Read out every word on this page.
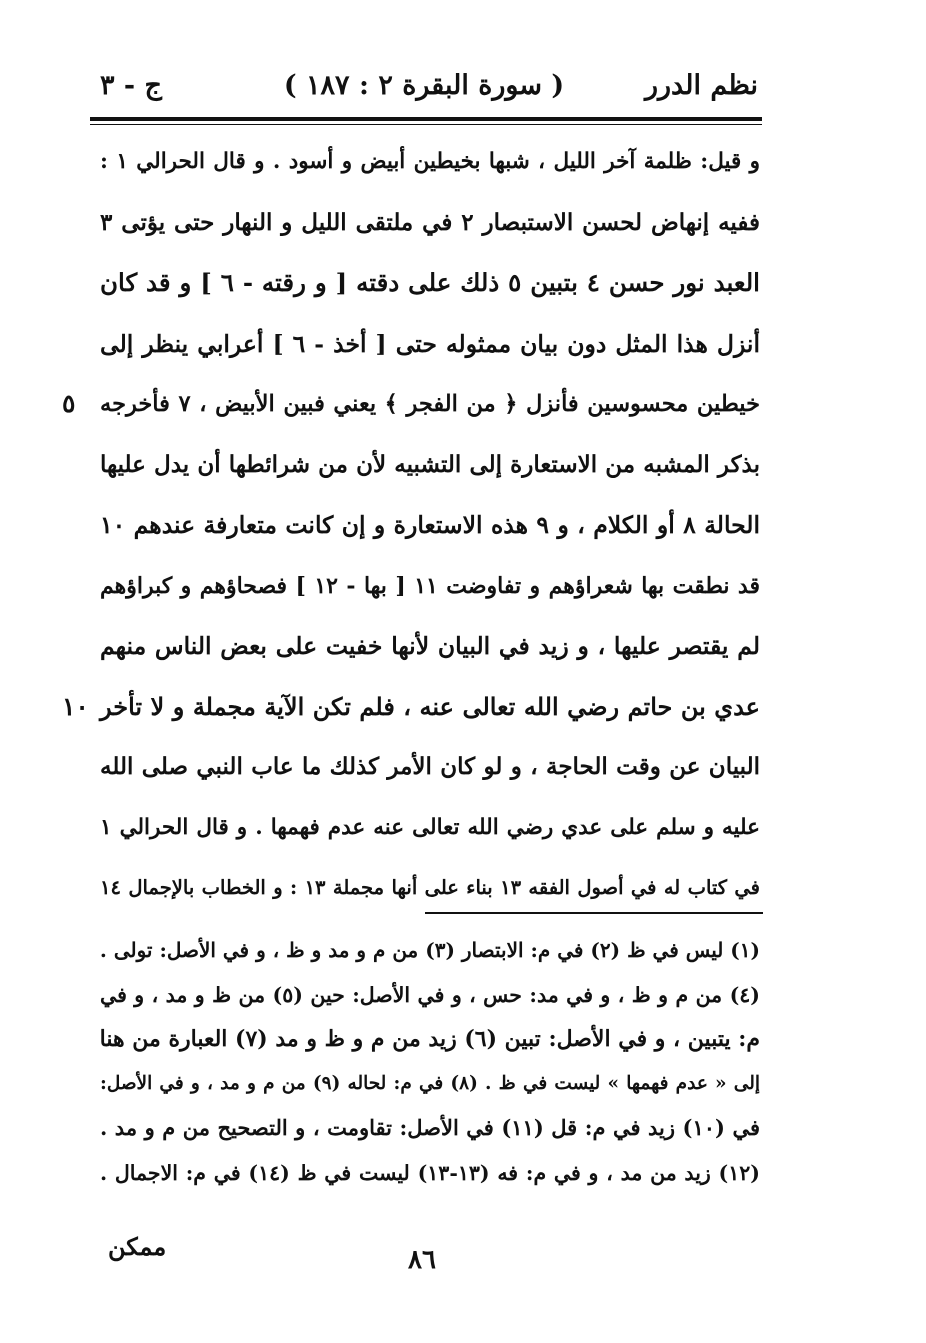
نظم الدرر
( سورة البقرة ٢ : ١٨٧ )
ج - ٣
و قيل: ظلمة آخر الليل ، شبها بخيطين أبيض و أسود . و قال الحرالي ١ :
ففيه إنهاض لحسن الاستبصار ٢ في ملتقى الليل و النهار حتى يؤتى ٣
العبد نور حسن ٤ بتبين ٥ ذلك على دقته [ و رقته - ٦ ] و قد كان
أنزل هذا المثل دون بيان ممثوله حتى [ أخذ - ٦ ] أعرابي ينظر إلى
خيطين محسوسين فأنزل ﴿ من الفجر ﴾ يعني فبين الأبيض ، ٧ فأخرجه
بذكر المشبه من الاستعارة إلى التشبيه لأن من شرائطها أن يدل عليها
الحالة ٨ أو الكلام ، و ٩ هذه الاستعارة و إن كانت متعارفة عندهم ١٠
قد نطقت بها شعراؤهم و تفاوضت ١١ [ بها - ١٢ ] فصحاؤهم و كبراؤهم
لم يقتصر عليها ، و زيد في البيان لأنها خفيت على بعض الناس منهم
عدي بن حاتم رضي الله تعالى عنه ، فلم تكن الآية مجملة و لا تأخر
البيان عن وقت الحاجة ، و لو كان الأمر كذلك ما عاب النبي صلى الله
عليه و سلم على عدي رضي الله تعالى عنه عدم فهمها . و قال الحرالي ١
في كتاب له في أصول الفقه ١٣ بناء على أنها مجملة ١٣ : و الخطاب بالإجمال ١٤
٥
١٠
(١) ليس في ظ (٢) في م: الابتصار (٣) من م و مد و ظ ، و في الأصل: تولى .
(٤) من م و ظ ، و في مد: حس ، و في الأصل: حين (٥) من ظ و مد ، و في
م: يتبين ، و في الأصل: تبين (٦) زيد من م و ظ و مد (٧) العبارة من هنا
إلى « عدم فهمها » ليست في ظ . (٨) في م: لحاله (٩) من م و مد ، و في الأصل:
في (١٠) زيد في م: قل (١١) في الأصل: تقاومت ، و التصحيح من م و مد .
(١٢) زيد من مد ، و في م: فه (١٣-١٣) ليست في ظ (١٤) في م: الاجمال .
ممكن	٨٦
